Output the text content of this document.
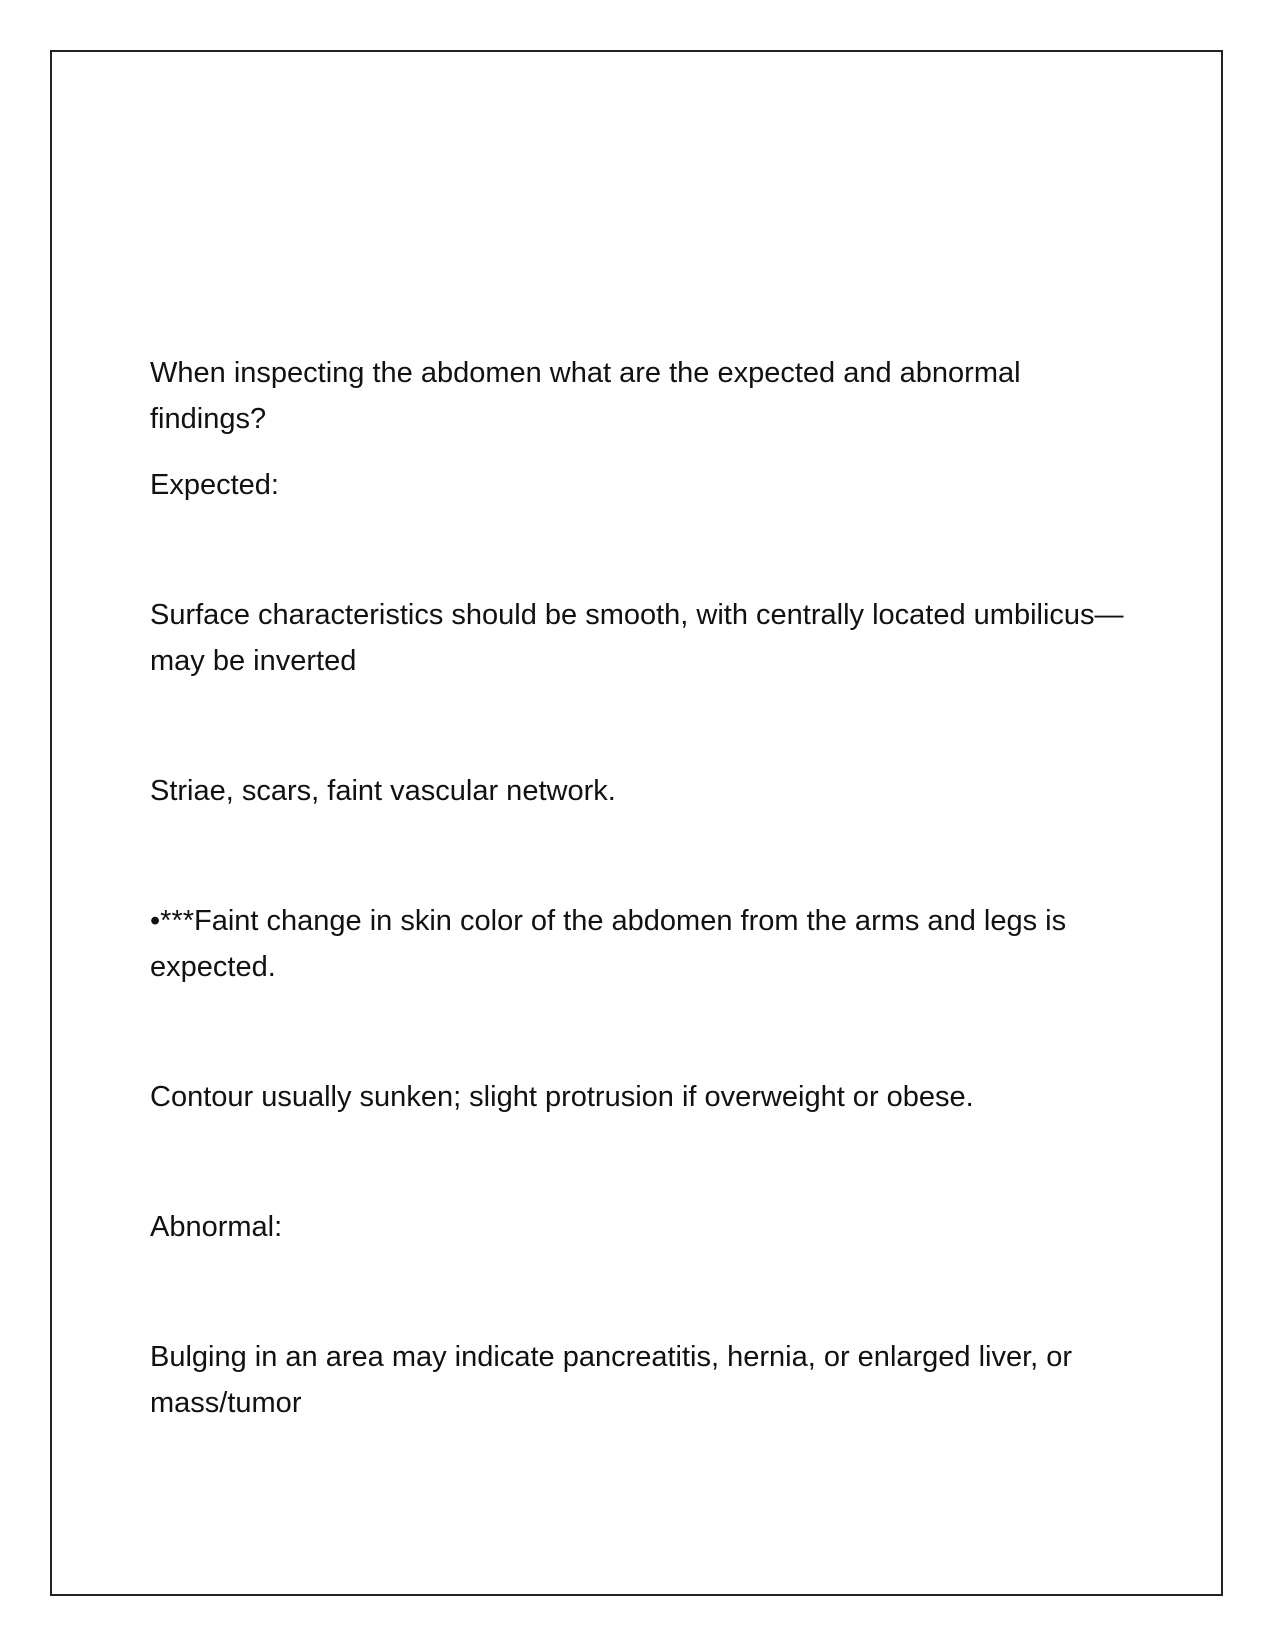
When inspecting the abdomen what are the expected and abnormal findings?

Expected:

Surface characteristics should be smooth, with centrally located umbilicus—may be inverted

Striae, scars, faint vascular network.

•***Faint change in skin color of the abdomen from the arms and legs is expected.

Contour usually sunken; slight protrusion if overweight or obese.

Abnormal:

Bulging in an area may indicate pancreatitis, hernia, or enlarged liver, or mass/tumor
